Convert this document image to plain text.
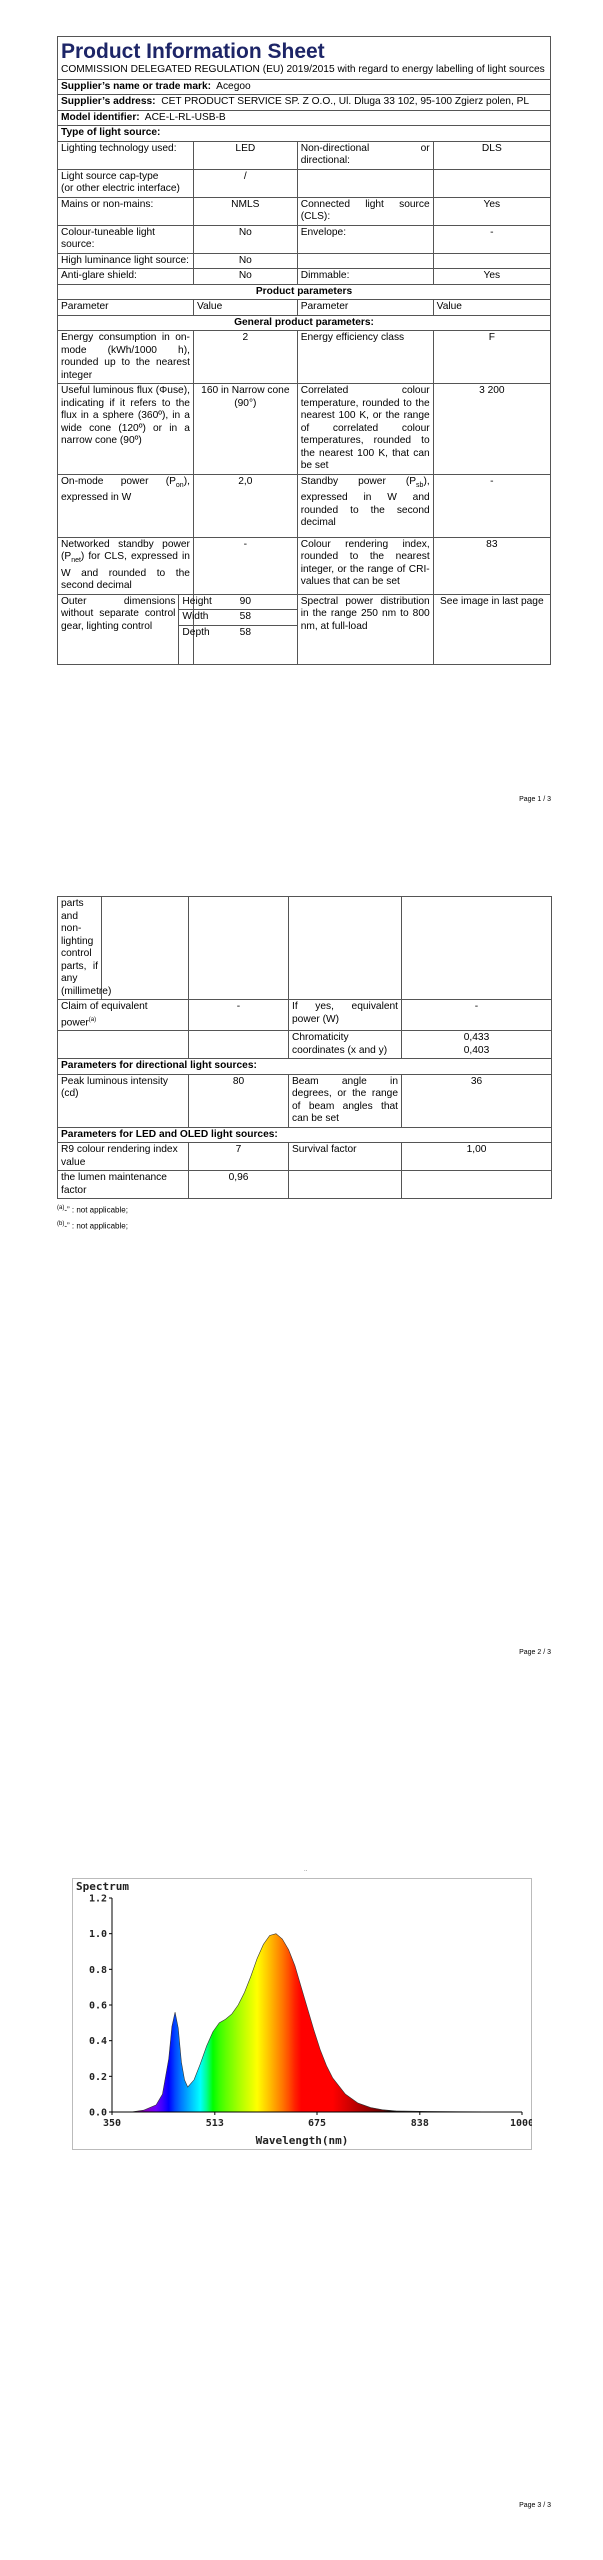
Product Information Sheet
COMMISSION DELEGATED REGULATION (EU) 2019/2015 with regard to energy labelling of light sources				

Supplier’s name or trade mark: Acegoo				
Supplier’s address: CET PRODUCT SERVICE SP. Z O.O., Ul. Dluga 33 102, 95-100 Zgierz polen, PL				
Model identifier: ACE-L-RL-USB-B				
Type of light source:				
Lighting technology used:		LED	Non-directional or directional:	DLS
Light source cap-type
(or other electric interface)		/		
Mains or non-mains:		NMLS	Connected light source (CLS):	Yes
Colour-tuneable light source:		No	Envelope:	-
High luminance light source:		No		
Anti-glare shield:		No	Dimmable:	Yes
Product parameters				
Parameter		Value	Parameter	Value
General product parameters:				
Energy consumption in on-mode (kWh/1000 h), rounded up to the nearest integer		2	Energy efficiency class	F
Useful luminous flux (Φuse), indicating if it refers to the flux in a sphere (360º), in a wide cone (120º) or in a narrow cone (90º)		160 in Narrow cone (90°)	Correlated colour temperature, rounded to the nearest 100 K, or the range of correlated colour temperatures, rounded to the nearest 100 K, that can be set	3 200
On-mode power $(P_{on})$, expressed in W		2,0	Standby power $(P_{sb})$, expressed in W and rounded to the second decimal	-
Networked standby power $(P_{net})$ for CLS, expressed in W and rounded to the second decimal		-	Colour rendering index, rounded to the nearest integer, or the range of CRI-values that can be set	83
Outer dimensions without separate control gear, lighting control	Height	90	Spectral power distribution in the range 250 nm to 800 nm, at full-load	See image in last page
	Width	58		
	Depth	58		
Page 1 / 3
parts and non-lighting control parts, if any (millimetre)				
Claim of equivalent power$^{(a)}$		-	If yes, equivalent power (W)	-
			Chromaticity coordinates (x and y)	0,433
0,403
Parameters for directional light sources:				
Peak luminous intensity (cd)		80	Beam angle in degrees, or the range of beam angles that can be set	36
Parameters for LED and OLED light sources:				
R9 colour rendering index value		7	Survival factor	1,00
the lumen maintenance factor		0,96		
$^{(a)}$-” : not applicable;
$^{(b)}$-” : not applicable;
Page 2 / 3
..
0.0
0.2
0.4
0.6
0.8
1.0
1.2
350	513	675	838	1000
Spectrum
Wavelength(nm)
Page 3 / 3
